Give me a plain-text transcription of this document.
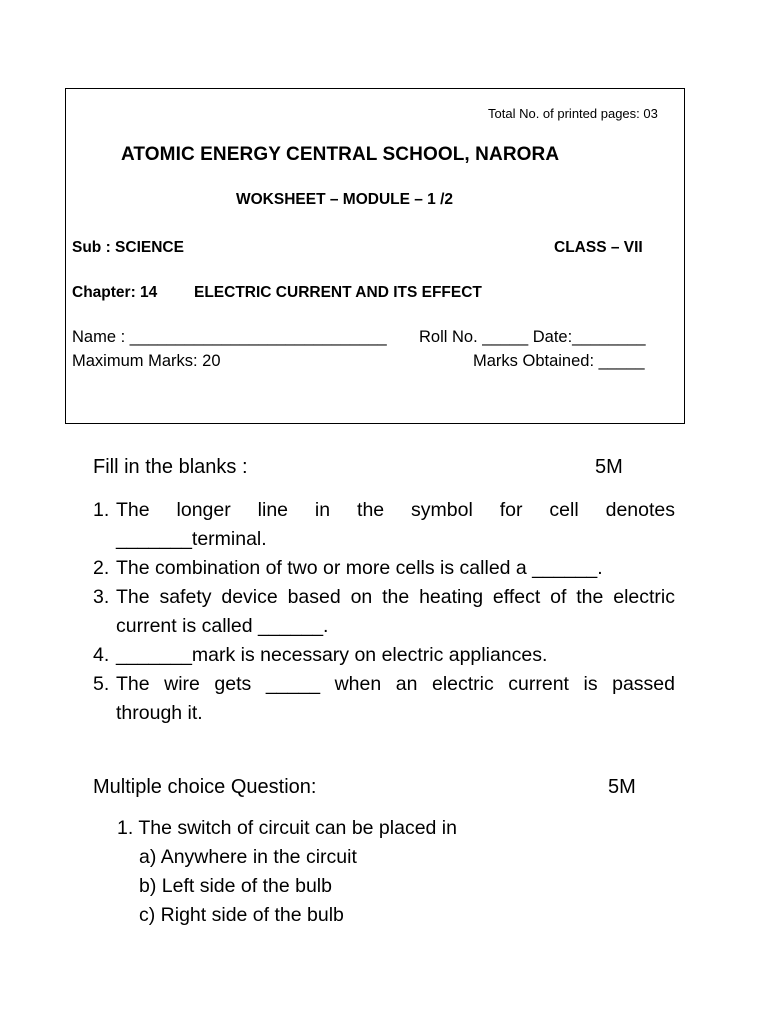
Total No. of printed pages: 03
ATOMIC ENERGY CENTRAL SCHOOL, NARORA
WOKSHEET – MODULE – 1 /2
Sub : SCIENCE	CLASS – VII
Chapter: 14 ELECTRIC CURRENT AND ITS EFFECT
Name : ____________________________ Roll No. _____ Date:________
Maximum Marks: 20	Marks Obtained: _____
Fill in the blanks :	5M
1. The longer line in the symbol for cell denotes
_______terminal.
2. The combination of two or more cells is called a ______.
3. The safety device based on the heating effect of the electric
current is called ______.
4. _______mark is necessary on electric appliances.
5. The wire gets _____ when an electric current is passed
through it.
Multiple choice Question:	5M
1. The switch of circuit can be placed in
a) Anywhere in the circuit
b) Left side of the bulb
c) Right side of the bulb
